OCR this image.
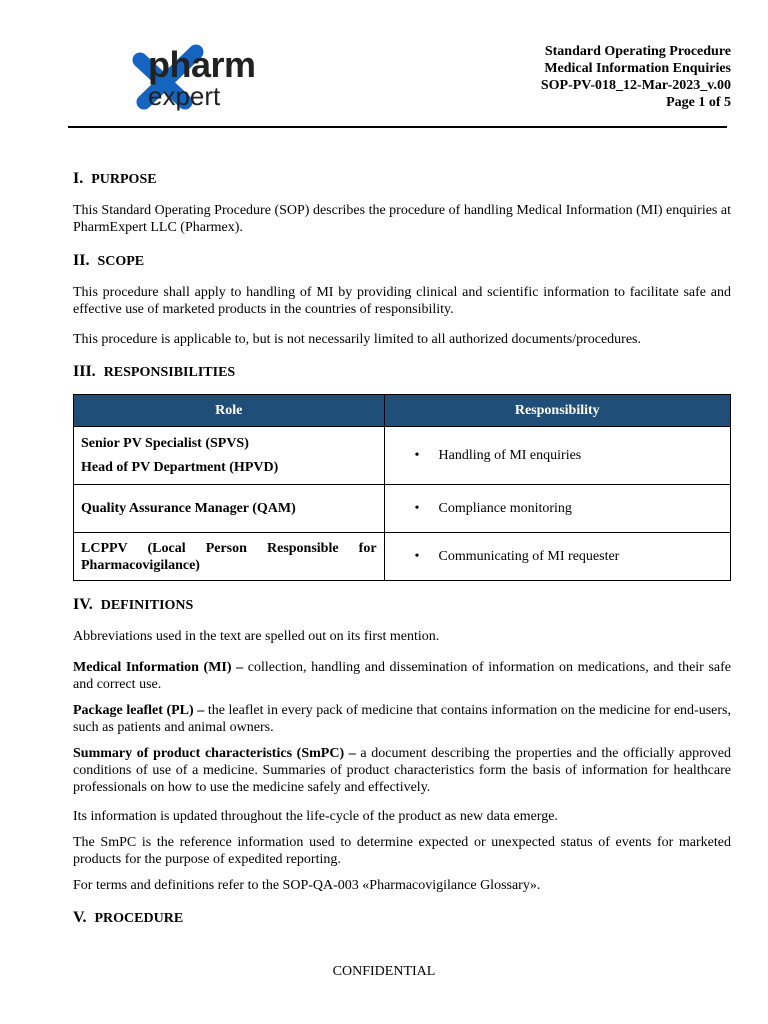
pharm
expert
Standard Operating Procedure
Medical Information Enquiries
SOP-PV-018_12-Mar-2023_v.00
Page 1 of 5
I. PURPOSE

This Standard Operating Procedure (SOP) describes the procedure of handling Medical Information (MI) enquiries at PharmExpert LLC (Pharmex).

II. SCOPE

This procedure shall apply to handling of MI by providing clinical and scientific information to facilitate safe and effective use of marketed products in the countries of responsibility.

This procedure is applicable to, but is not necessarily limited to all authorized documents/procedures.

III. RESPONSIBILITIES
Role	Responsibility

Senior PV Specialist (SPVS)
Head of PV Department (HPVD)	• Handling of MI enquiries

Quality Assurance Manager (QAM)	• Compliance monitoring

LCPPV (Local Person Responsible for Pharmacovigilance)	• Communicating of MI requester
IV. DEFINITIONS

Abbreviations used in the text are spelled out on its first mention.

Medical Information (MI) – collection, handling and dissemination of information on medications, and their safe and correct use.

Package leaflet (PL) – the leaflet in every pack of medicine that contains information on the medicine for end-users, such as patients and animal owners.

Summary of product characteristics (SmPC) – a document describing the properties and the officially approved conditions of use of a medicine. Summaries of product characteristics form the basis of information for healthcare professionals on how to use the medicine safely and effectively.

Its information is updated throughout the life-cycle of the product as new data emerge.

The SmPC is the reference information used to determine expected or unexpected status of events for marketed products for the purpose of expedited reporting.

For terms and definitions refer to the SOP-QA-003 «Pharmacovigilance Glossary».

V. PROCEDURE
CONFIDENTIAL
